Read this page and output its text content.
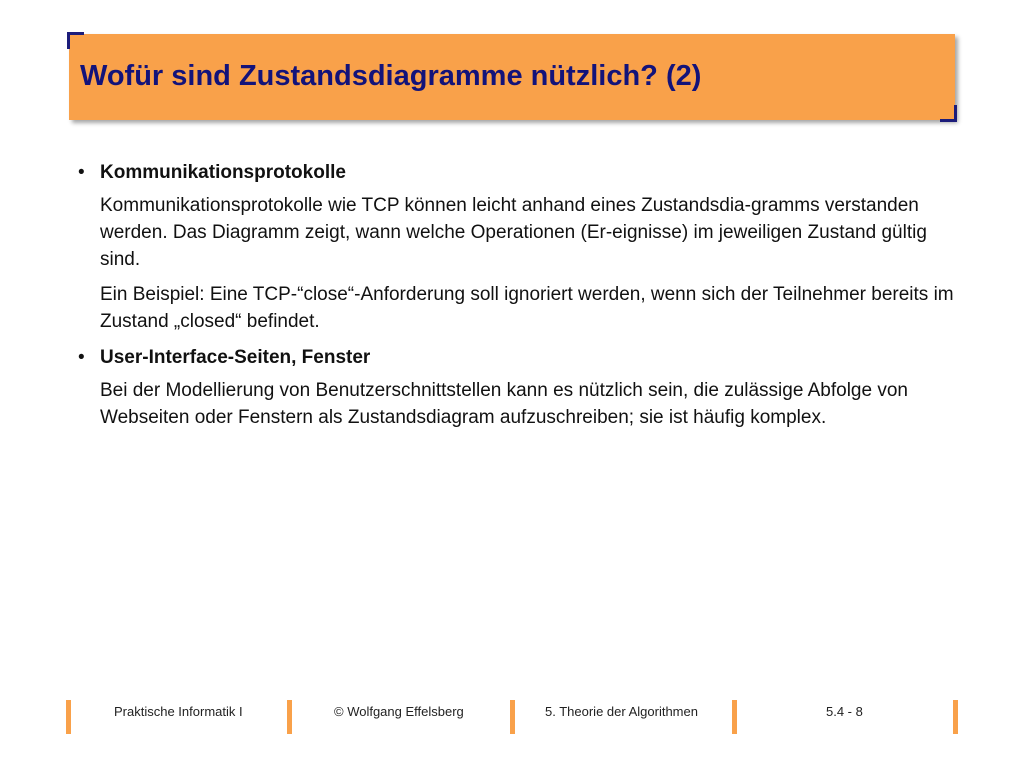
Wofür sind Zustandsdiagramme nützlich? (2)
• Kommunikationsprotokolle
Kommunikationsprotokolle wie TCP können leicht anhand eines Zustandsdia-gramms verstanden werden. Das Diagramm zeigt, wann welche Operationen (Er-eignisse) im jeweiligen Zustand gültig sind.
Ein Beispiel: Eine TCP-“close“-Anforderung soll ignoriert werden, wenn sich der Teilnehmer bereits im Zustand „closed“ befindet.
• User-Interface-Seiten, Fenster
Bei der Modellierung von Benutzerschnittstellen kann es nützlich sein, die zulässige Abfolge von Webseiten oder Fenstern als Zustandsdiagram aufzuschreiben; sie ist häufig komplex.
Praktische Informatik I	© Wolfgang Effelsberg	5. Theorie der Algorithmen	5.4 - 8
